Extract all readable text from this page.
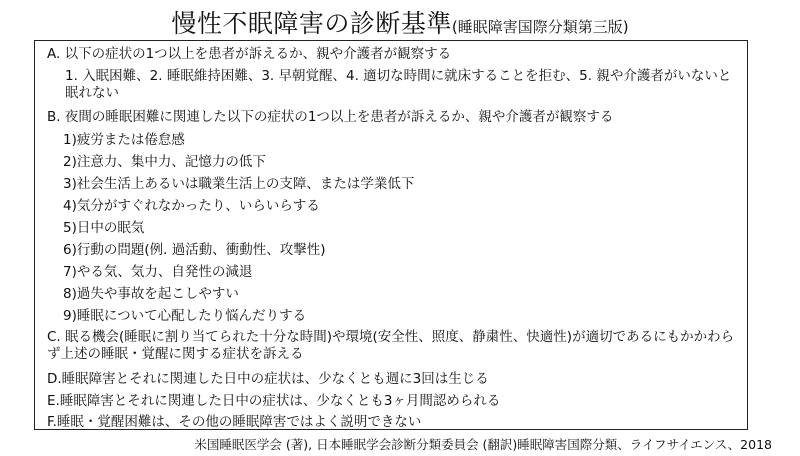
慢性不眠障害の診断基準(睡眠障害国際分類第三版)
A. 以下の症状の1つ以上を患者が訴えるか、親や介護者が観察する
1. 入眠困難、2. 睡眠維持困難、3. 早朝覚醒、4. 適切な時間に就床することを拒む、5. 親や介護者がいないと眠れない
B. 夜間の睡眠困難に関連した以下の症状の1つ以上を患者が訴えるか、親や介護者が観察する
1)疲労または倦怠感
2)注意力、集中力、記憶力の低下
3)社会生活上あるいは職業生活上の支障、または学業低下
4)気分がすぐれなかったり、いらいらする
5)日中の眠気
6)行動の問題(例. 過活動、衝動性、攻撃性)
7)やる気、気力、自発性の減退
8)過失や事故を起こしやすい
9)睡眠について心配したり悩んだりする
C. 眠る機会(睡眠に割り当てられた十分な時間)や環境(安全性、照度、静粛性、快適性)が適切であるにもかかわらず上述の睡眠・覚醒に関する症状を訴える
D.睡眠障害とそれに関連した日中の症状は、少なくとも週に3回は生じる
E.睡眠障害とそれに関連した日中の症状は、少なくとも3ヶ月間認められる
F.睡眠・覚醒困難は、その他の睡眠障害ではよく説明できない
米国睡眠医学会 (著), 日本睡眠学会診断分類委員会 (翻訳)睡眠障害国際分類、ライフサイエンス、2018
